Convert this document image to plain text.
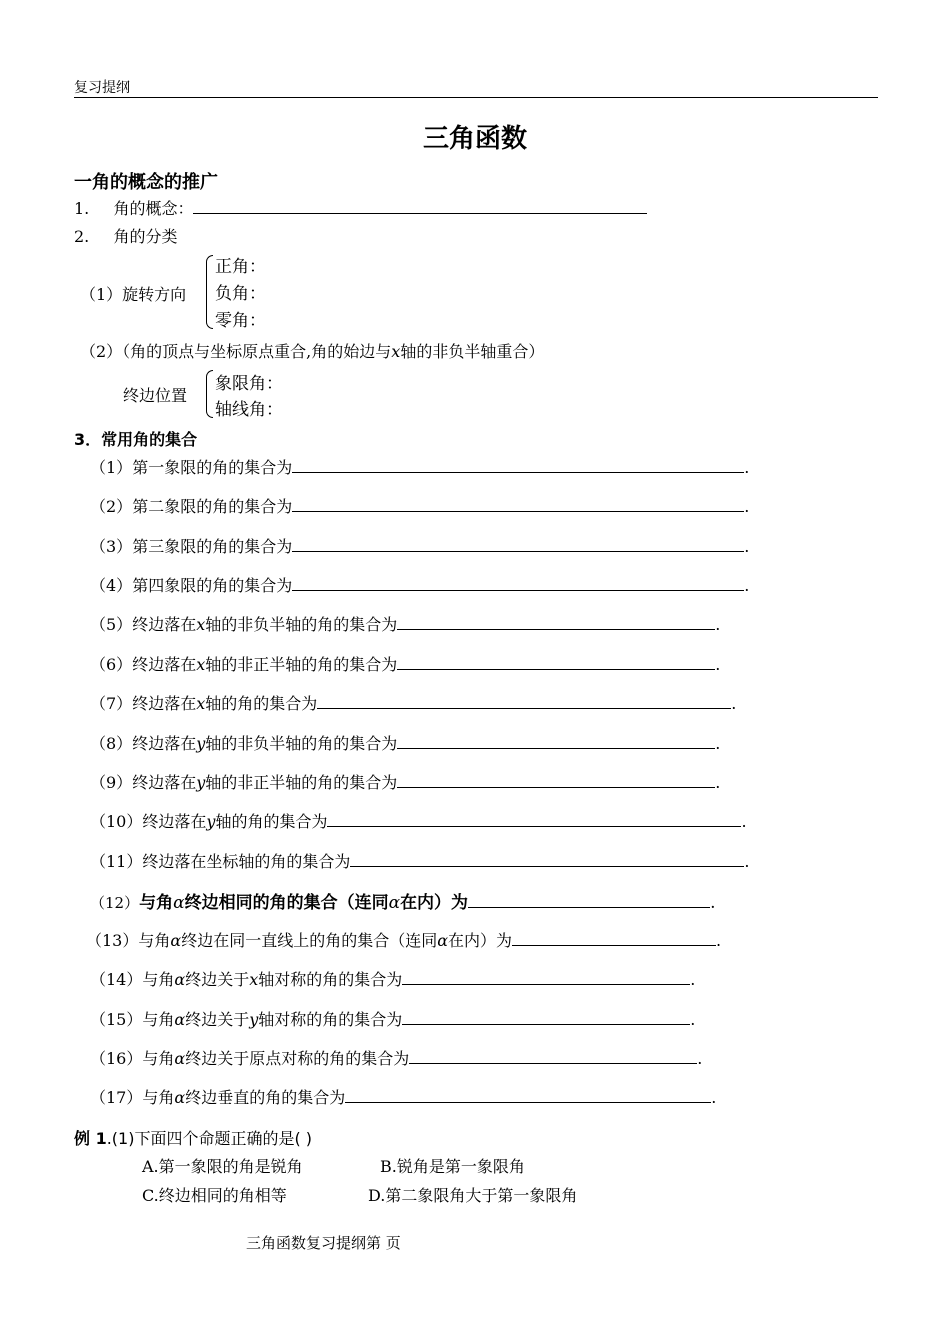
复习提纲
三角函数
一角的概念的推广
1. 角的概念：
2. 角的分类
（1）旋转方向
正角：
负角：
零角：
（2）（角的顶点与坐标原点重合,角的始边与x轴的非负半轴重合）
终边位置
象限角：
轴线角：
3．常用角的集合
（1）第一象限的角的集合为	.
（2）第二象限的角的集合为	.
（3）第三象限的角的集合为	.
（4）第四象限的角的集合为	.
（5）终边落在x轴的非负半轴的角的集合为	.
（6）终边落在x轴的非正半轴的角的集合为	.
（7）终边落在x轴的角的集合为	.
（8）终边落在y轴的非负半轴的角的集合为	.
（9）终边落在y轴的非正半轴的角的集合为	.
（10）终边落在y轴的角的集合为	.
（11）终边落在坐标轴的角的集合为	.
（12）与角α终边相同的角的集合（连同α在内）为	.
（13）与角α终边在同一直线上的角的集合（连同α在内）为	.
（14）与角α终边关于x轴对称的角的集合为	.
（15）与角α终边关于y轴对称的角的集合为	.
（16）与角α终边关于原点对称的角的集合为	.
（17）与角α终边垂直的角的集合为	.
例 1.(1)下面四个命题正确的是( )
A.第一象限的角是锐角	B.锐角是第一象限角
C.终边相同的角相等	D.第二象限角大于第一象限角
三角函数复习提纲第 页
